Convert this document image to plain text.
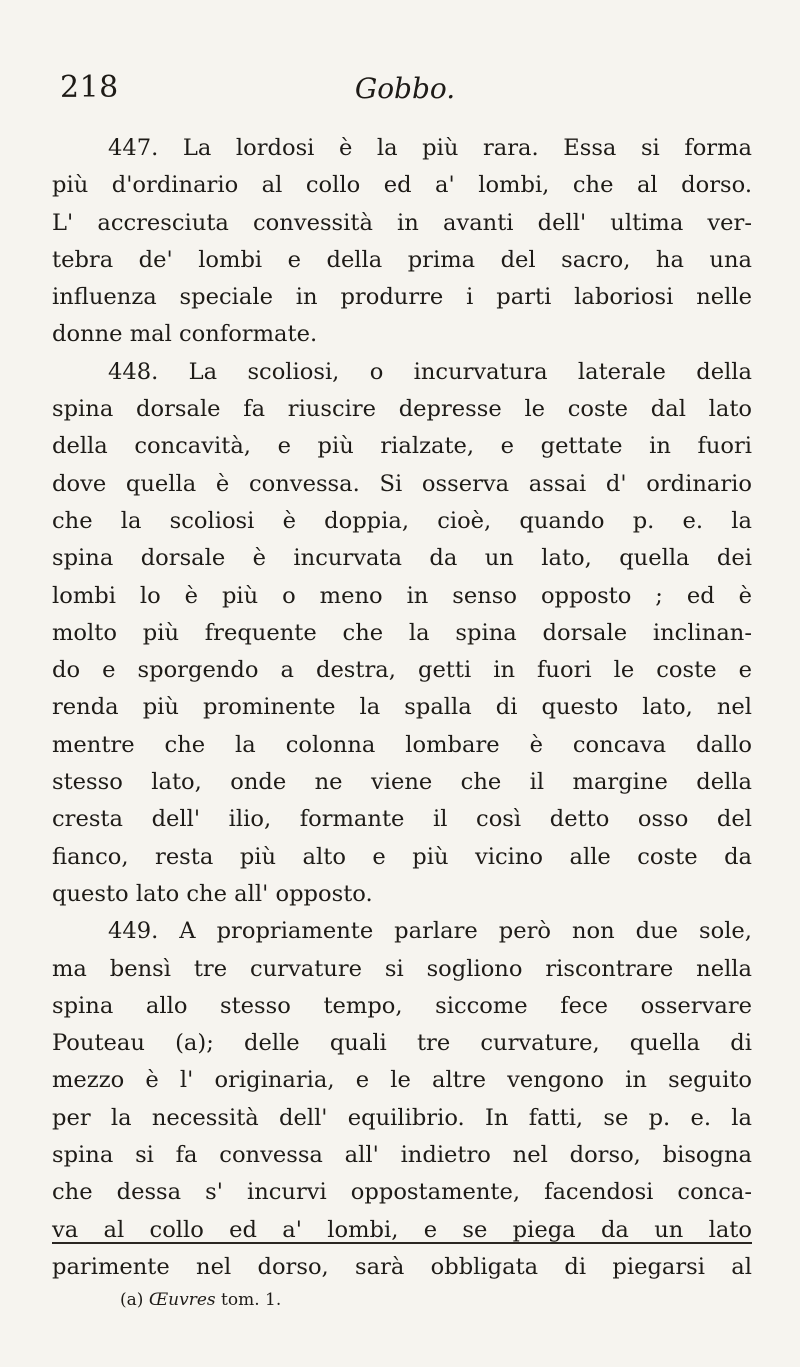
218	Gobbo.
447. La lordosi è la più rara. Essa si forma
più d'ordinario al collo ed a' lombi, che al dorso.
L' accresciuta convessità in avanti dell' ultima ver-
tebra de' lombi e della prima del sacro, ha una
influenza speciale in produrre i parti laboriosi nelle
donne mal conformate.
448. La scoliosi, o incurvatura laterale della
spina dorsale fa riuscire depresse le coste dal lato
della concavità, e più rialzate, e gettate in fuori
dove quella è convessa. Si osserva assai d' ordinario
che la scoliosi è doppia, cioè, quando p. e. la
spina dorsale è incurvata da un lato, quella dei
lombi lo è più o meno in senso opposto ; ed è
molto più frequente che la spina dorsale inclinan-
do e sporgendo a destra, getti in fuori le coste e
renda più prominente la spalla di questo lato, nel
mentre che la colonna lombare è concava dallo
stesso lato, onde ne viene che il margine della
cresta dell' ilio, formante il così detto osso del
fianco, resta più alto e più vicino alle coste da
questo lato che all' opposto.
449. A propriamente parlare però non due sole,
ma bensì tre curvature si sogliono riscontrare nella
spina allo stesso tempo, siccome fece osservare
Pouteau (a); delle quali tre curvature, quella di
mezzo è l' originaria, e le altre vengono in seguito
per la necessità dell' equilibrio. In fatti, se p. e. la
spina si fa convessa all' indietro nel dorso, bisogna
che dessa s' incurvi oppostamente, facendosi conca-
va al collo ed a' lombi, e se piega da un lato
parimente nel dorso, sarà obbligata di piegarsi al
(a) Œuvres tom. 1.
